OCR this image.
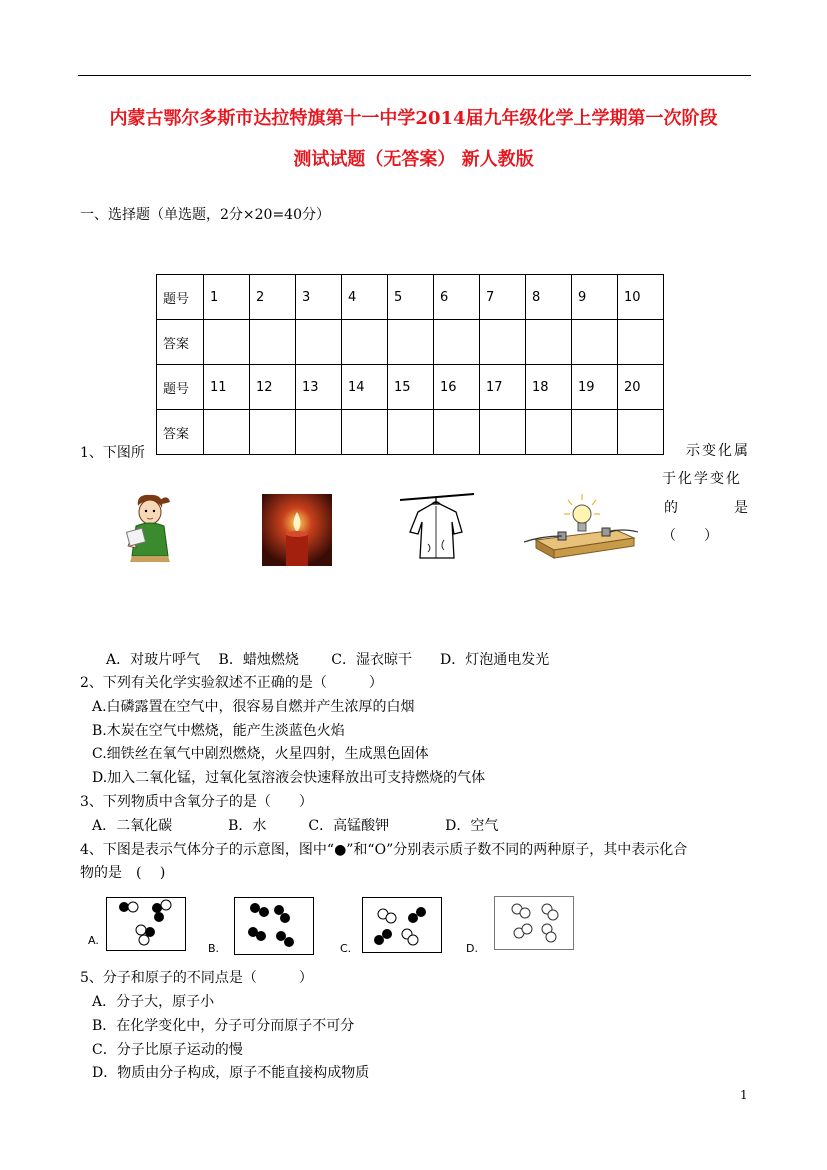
内蒙古鄂尔多斯市达拉特旗第十一中学2014届九年级化学上学期第一次阶段
测试试题（无答案） 新人教版
一、选择题（单选题，2分×20=40分）
题号	1	2	3	4	5	6	7	8	9	10
答案										
题号	11	12	13	14	15	16	17	18	19	20
答案										
1、下图所	示变化属
于化学变化
的	是
（　　）
A．对玻片呼气　 B．蜡烛燃烧　　 C．湿衣晾干　　D．灯泡通电发光
2、下列有关化学实验叙述不正确的是（　　　）
A.白磷露置在空气中，很容易自燃并产生浓厚的白烟
B.木炭在空气中燃烧，能产生淡蓝色火焰
C.细铁丝在氧气中剧烈燃烧，火星四射，生成黑色固体
D.加入二氧化锰，过氧化氢溶液会快速释放出可支持燃烧的气体
3、下列物质中含氧分子的是（　　）
A．二氧化碳　　　　B．水　　　C．高锰酸钾　　　　D．空气
4、下图是表示气体分子的示意图，图中“●”和“O”分别表示质子数不同的两种原子，其中表示化合
物的是　(　 )
A.
B.	C.	D.
5、分子和原子的不同点是（　　　）
A．分子大，原子小
B．在化学变化中，分子可分而原子不可分
C．分子比原子运动的慢
D．物质由分子构成，原子不能直接构成物质
1
